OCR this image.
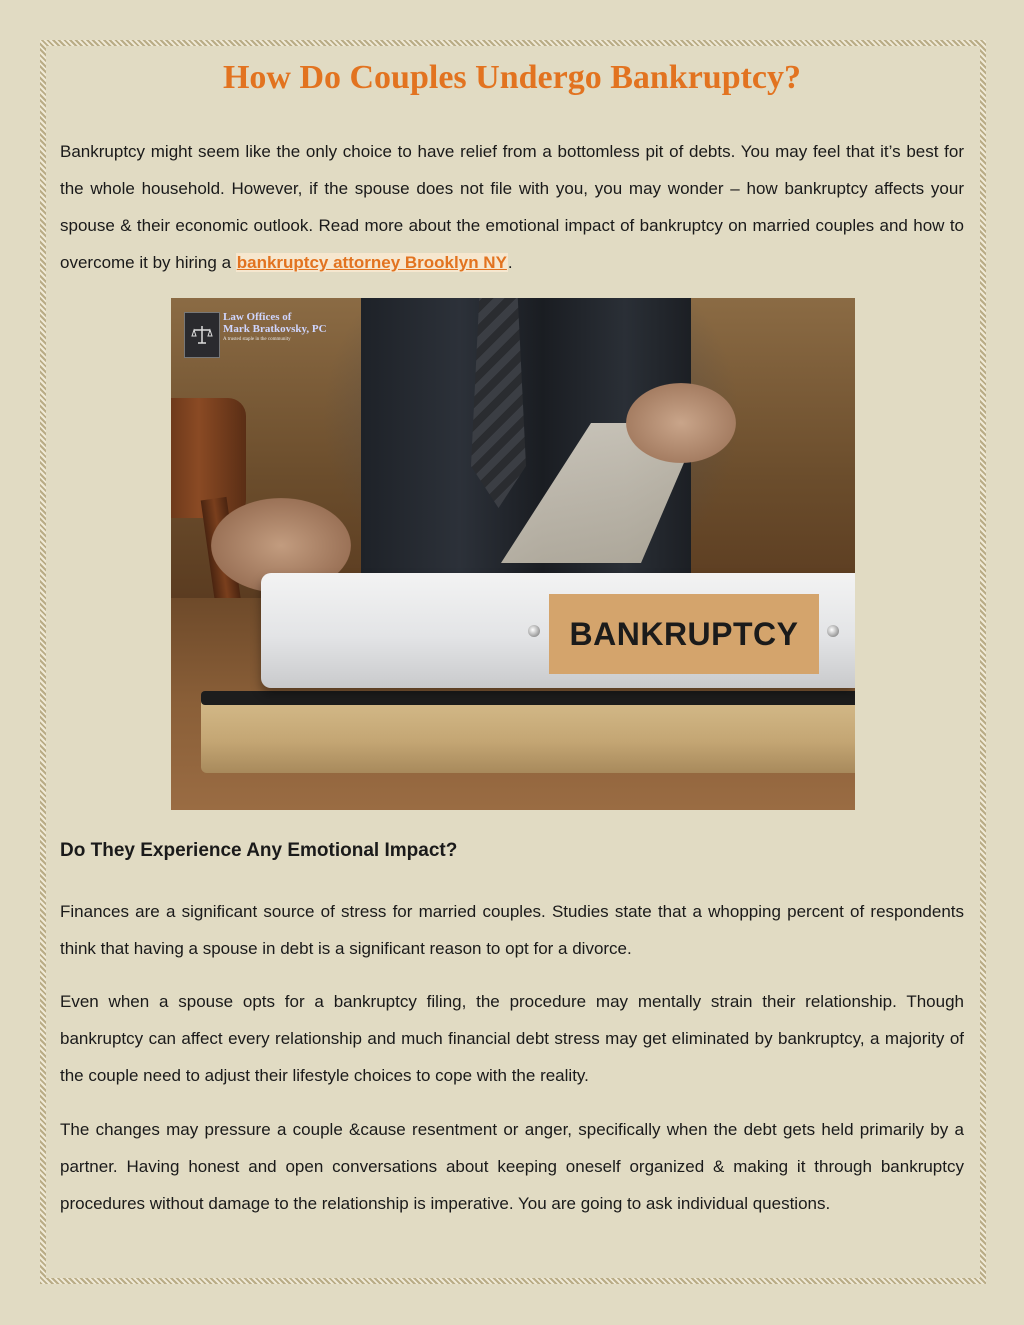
How Do Couples Undergo Bankruptcy?

Bankruptcy might seem like the only choice to have relief from a bottomless pit of debts. You may feel that it’s best for the whole household. However, if the spouse does not file with you, you may wonder – how bankruptcy affects your spouse & their economic outlook. Read more about the emotional impact of bankruptcy on married couples and how to overcome it by hiring a bankruptcy attorney Brooklyn NY.

BANKRUPTCY
Law Offices of
Mark Bratkovsky, PC
A trusted staple in the community
Do They Experience Any Emotional Impact?

Finances are a significant source of stress for married couples. Studies state that a whopping percent of respondents think that having a spouse in debt is a significant reason to opt for a divorce.

Even when a spouse opts for a bankruptcy filing, the procedure may mentally strain their relationship. Though bankruptcy can affect every relationship and much financial debt stress may get eliminated by bankruptcy, a majority of the couple need to adjust their lifestyle choices to cope with the reality.

The changes may pressure a couple &cause resentment or anger, specifically when the debt gets held primarily by a partner. Having honest and open conversations about keeping oneself organized & making it through bankruptcy procedures without damage to the relationship is imperative. You are going to ask individual questions.
